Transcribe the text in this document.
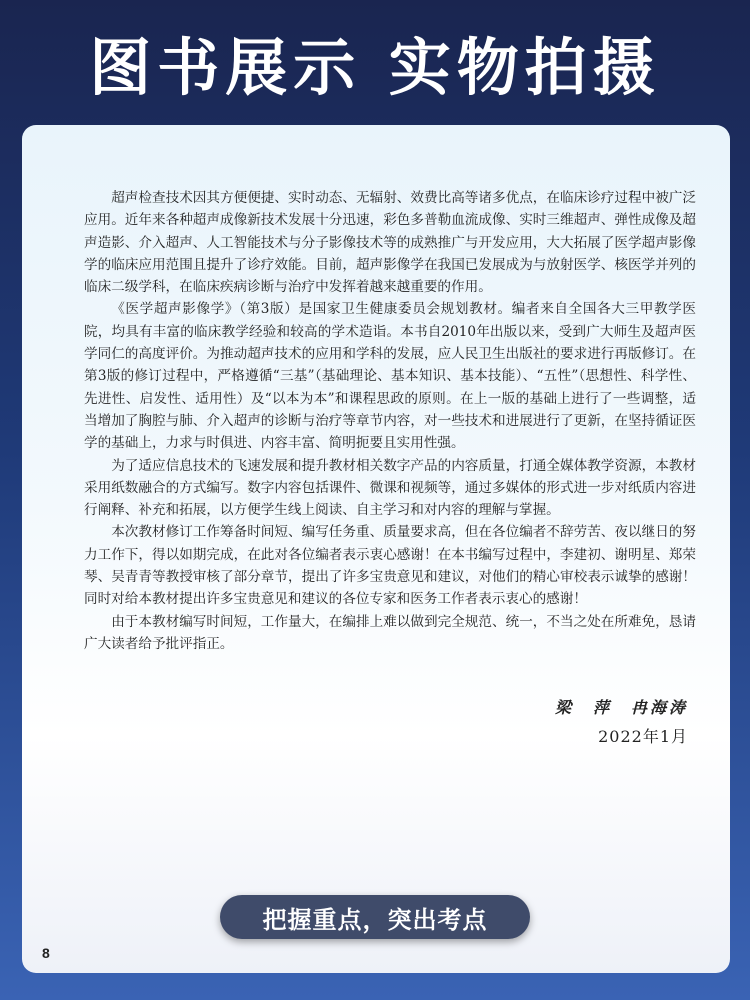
图书展示 实物拍摄

超声检查技术因其方便便捷、实时动态、无辐射、效费比高等诸多优点，在临床诊疗过程中被广泛应用。近年来各种超声成像新技术发展十分迅速，彩色多普勒血流成像、实时三维超声、弹性成像及超声造影、介入超声、人工智能技术与分子影像技术等的成熟推广与开发应用，大大拓展了医学超声影像学的临床应用范围且提升了诊疗效能。目前，超声影像学在我国已发展成为与放射医学、核医学并列的临床二级学科，在临床疾病诊断与治疗中发挥着越来越重要的作用。

《医学超声影像学》（第3版）是国家卫生健康委员会规划教材。编者来自全国各大三甲教学医院，均具有丰富的临床教学经验和较高的学术造诣。本书自2010年出版以来，受到广大师生及超声医学同仁的高度评价。为推动超声技术的应用和学科的发展，应人民卫生出版社的要求进行再版修订。在第3版的修订过程中，严格遵循“三基”（基础理论、基本知识、基本技能）、“五性”（思想性、科学性、先进性、启发性、适用性）及“以本为本”和课程思政的原则。在上一版的基础上进行了一些调整，适当增加了胸腔与肺、介入超声的诊断与治疗等章节内容，对一些技术和进展进行了更新，在坚持循证医学的基础上，力求与时俱进、内容丰富、简明扼要且实用性强。

为了适应信息技术的飞速发展和提升教材相关数字产品的内容质量，打通全媒体教学资源，本教材采用纸数融合的方式编写。数字内容包括课件、微课和视频等，通过多媒体的形式进一步对纸质内容进行阐释、补充和拓展，以方便学生线上阅读、自主学习和对内容的理解与掌握。

本次教材修订工作筹备时间短、编写任务重、质量要求高，但在各位编者不辞劳苦、夜以继日的努力工作下，得以如期完成，在此对各位编者表示衷心感谢！在本书编写过程中，李建初、谢明星、郑荣琴、吴青青等教授审核了部分章节，提出了许多宝贵意见和建议，对他们的精心审校表示诚挚的感谢！同时对给本教材提出许多宝贵意见和建议的各位专家和医务工作者表示衷心的感谢！

由于本教材编写时间短，工作量大，在编排上难以做到完全规范、统一，不当之处在所难免，恳请广大读者给予批评指正。

梁　萍　冉海涛
2022年1月
把握重点，突出考点
8
